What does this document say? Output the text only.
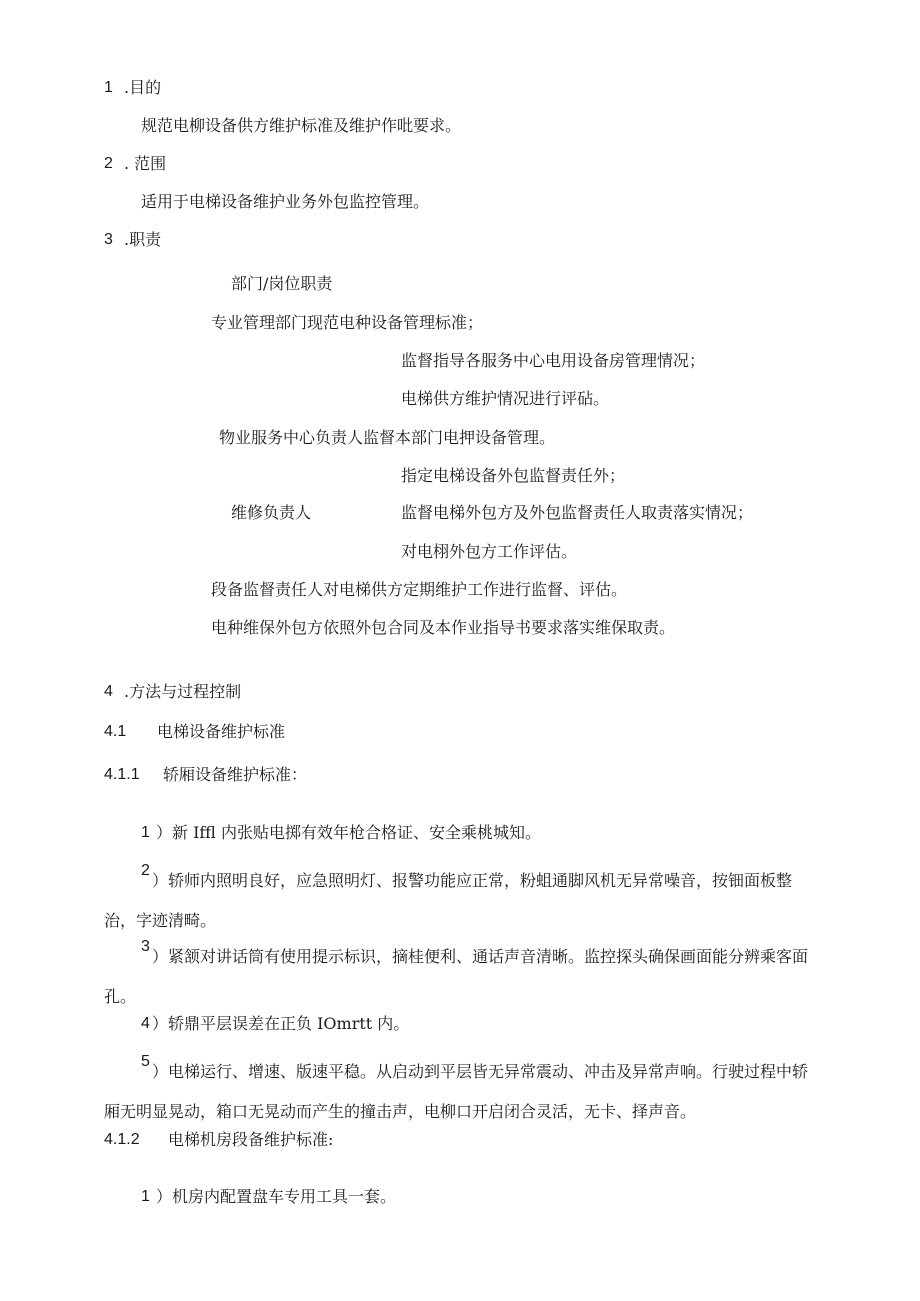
1 .目的
规范电柳设备供方维护标准及维护作吡要求。
2 . 范围
适用于电梯设备维护业务外包监控管理。
3 .职责
部门/岗位职责
专业管理部门现范电种设备管理标准；
监督指导各服务中心电用设备房管理情况；
电梯供方维护情况进行评砧。
物业服务中心负责人监督本部门电押设备管理。
指定电梯设备外包监督责任外；
维修负责人	监督电梯外包方及外包监督责任人取责落实情况；
对电栩外包方工作评估。
段备监督责任人对电梯供方定期维护工作进行监督、评估。
电种维保外包方依照外包合同及本作业指导书要求落实维保取责。
4 .方法与过程控制
4.1 电梯设备维护标准
4.1.1 轿厢设备维护标准：
1 ）新 Iffl 内张贴电掷有效年枪合格证、安全乘桃城知。
2
）轿师内照明良好，应急照明灯、报警功能应正常，粉蛆通脚风机无异常噪音，按钿面板整治，字迹清畸。
3
）紧颔对讲话筒有使用提示标识，摘桂便利、通话声音清晰。监控探头确保画面能分辨乘客面孔。
4 ）轿鼎平层误差在正负 IOmrtt 内。
5
）电梯运行、增速、版速平稳。从启动到平层皆无异常震动、冲击及异常声响。行驶过程中轿厢无明显晃动，箱口无晃动而产生的撞击声，电柳口开启闭合灵活，无卡、择声音。
4.1.2 电梯机房段备维护标准:
1 ）机房内配置盘车专用工具一套。
